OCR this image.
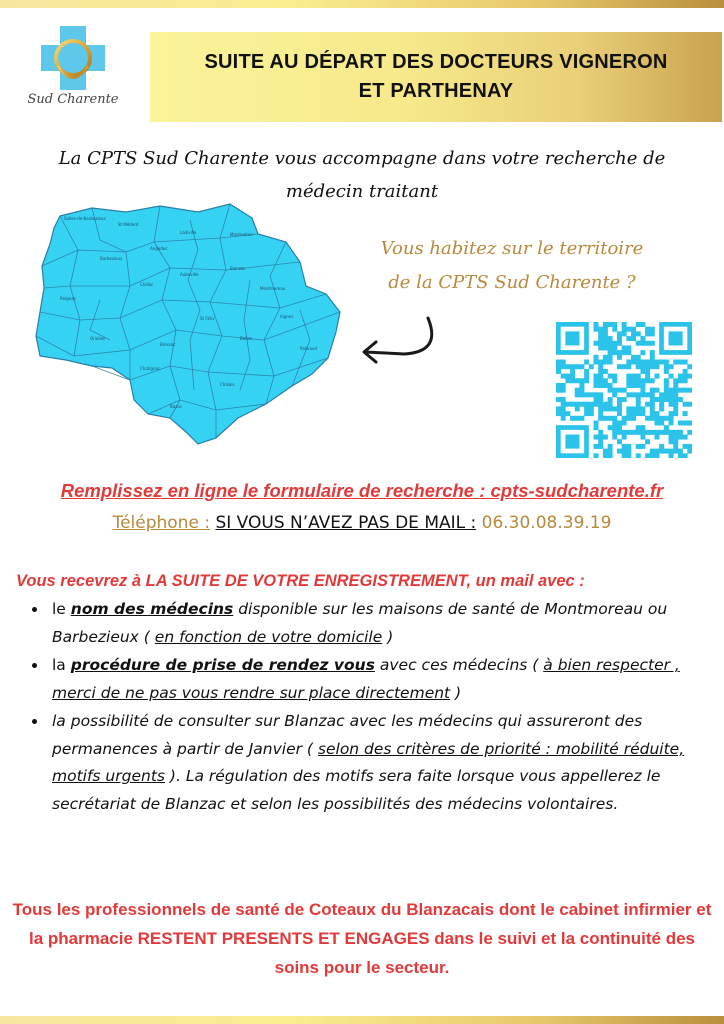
Sud Charente
SUITE AU DÉPART DES DOCTEURS VIGNERON
ET PARTHENAY
La CPTS Sud Charente vous accompagne dans votre recherche de médecin traitant
Salles-de-Barbezieux
St Médard
Ladiville	Montmérac
Angeduc
Barbezieux
Aubeville
Blanzac
Chillac
Montmoreau
Reignac
St Félix	Aignes
Oriolles
Brossac
Bellon
Palluaud
Chatignac
Chalais
Bazac
Vous habitez sur le territoire
de la CPTS Sud Charente ?
Remplissez en ligne le formulaire de recherche : cpts-sudcharente.fr
Téléphone : SI VOUS N’AVEZ PAS DE MAIL : 06.30.08.39.19
Vous recevrez à LA SUITE DE VOTRE ENREGISTREMENT, un mail avec :
• le nom des médecins disponible sur les maisons de santé de Montmoreau ou Barbezieux ( en fonction de votre domicile )
• la procédure de prise de rendez vous avec ces médecins ( à bien respecter , merci de ne pas vous rendre sur place directement )
• la possibilité de consulter sur Blanzac avec les médecins qui assureront des permanences à partir de Janvier ( selon des critères de priorité : mobilité réduite, motifs urgents ). La régulation des motifs sera faite lorsque vous appellerez le secrétariat de Blanzac et selon les possibilités des médecins volontaires.
Tous les professionnels de santé de Coteaux du Blanzacais dont le cabinet infirmier et la pharmacie RESTENT PRESENTS ET ENGAGES dans le suivi et la continuité des soins pour le secteur.
